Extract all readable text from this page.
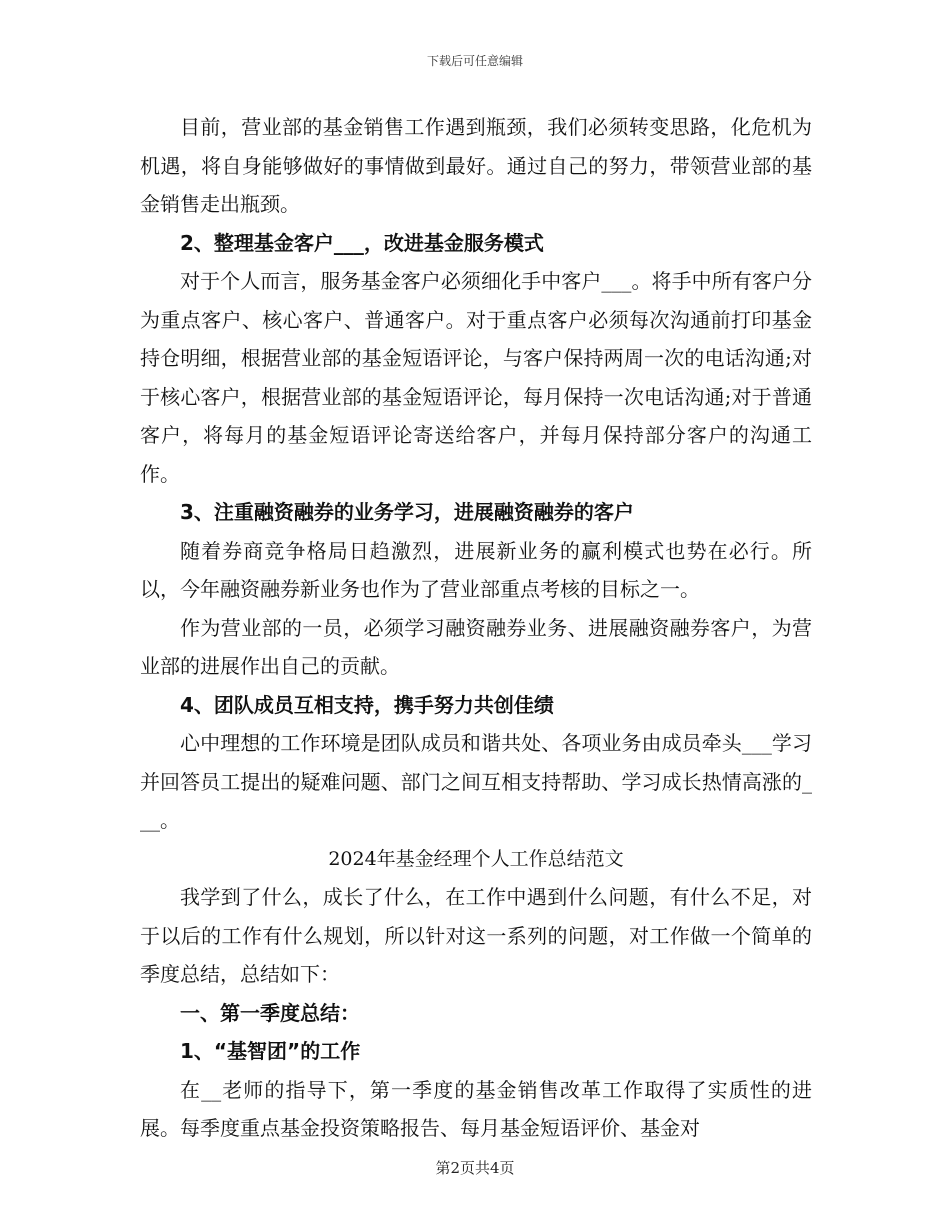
下载后可任意编辑

目前，营业部的基金销售工作遇到瓶颈，我们必须转变思路，化危机为机遇，将自身能够做好的事情做到最好。通过自己的努力，带领营业部的基金销售走出瓶颈。

2、整理基金客户___，改进基金服务模式

对于个人而言，服务基金客户必须细化手中客户___。将手中所有客户分为重点客户、核心客户、普通客户。对于重点客户必须每次沟通前打印基金持仓明细，根据营业部的基金短语评论，与客户保持两周一次的电话沟通;对于核心客户，根据营业部的基金短语评论，每月保持一次电话沟通;对于普通客户，将每月的基金短语评论寄送给客户，并每月保持部分客户的沟通工作。

3、注重融资融券的业务学习，进展融资融券的客户

随着券商竞争格局日趋激烈，进展新业务的赢利模式也势在必行。所以，今年融资融券新业务也作为了营业部重点考核的目标之一。

作为营业部的一员，必须学习融资融券业务、进展融资融券客户，为营业部的进展作出自己的贡献。

4、团队成员互相支持，携手努力共创佳绩

心中理想的工作环境是团队成员和谐共处、各项业务由成员牵头___学习并回答员工提出的疑难问题、部门之间互相支持帮助、学习成长热情高涨的___。

2024年基金经理个人工作总结范文

我学到了什么，成长了什么，在工作中遇到什么问题，有什么不足，对于以后的工作有什么规划，所以针对这一系列的问题，对工作做一个简单的季度总结，总结如下：

一、第一季度总结：

1、“基智团”的工作

在__老师的指导下，第一季度的基金销售改革工作取得了实质性的进展。每季度重点基金投资策略报告、每月基金短语评价、基金对

第2页共4页
